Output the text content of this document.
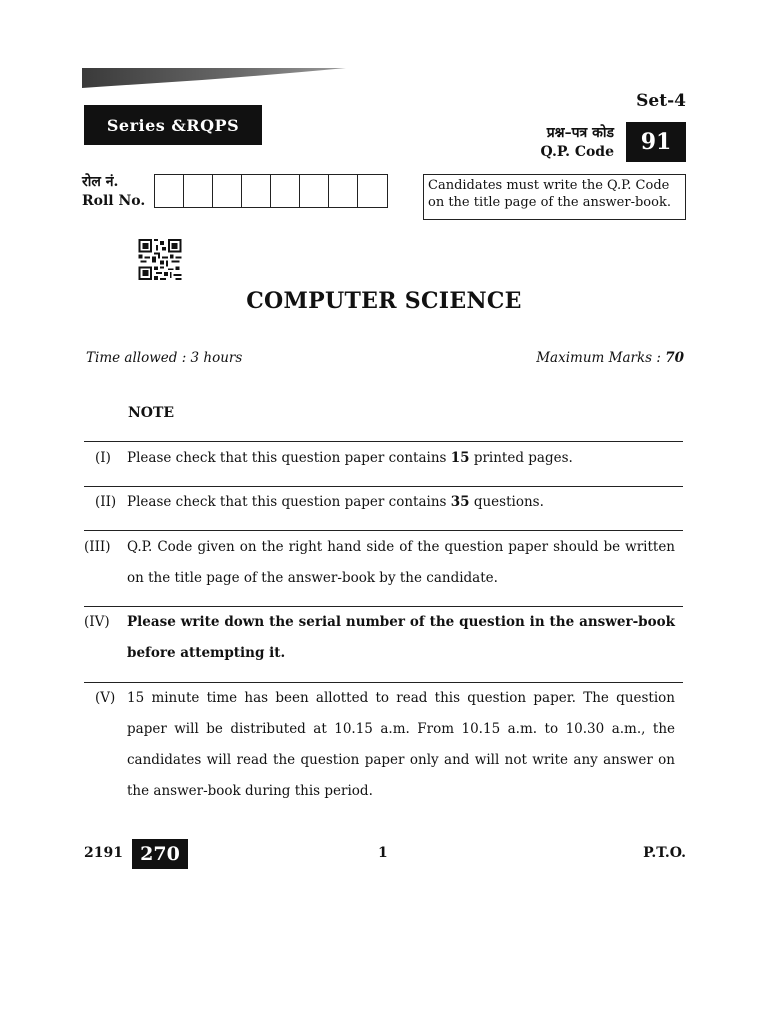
Set-4
Series &RQPS	प्रश्न–पत्र कोड
Q.P. Code	91
रोल नं.
Roll No.
Candidates must write the Q.P. Code on the title page of the answer-book.
COMPUTER SCIENCE
Time allowed : 3 hours	Maximum Marks : 70
NOTE
(I) Please check that this question paper contains 15 printed pages.
(II) Please check that this question paper contains 35 questions.
(III) Q.P. Code given on the right hand side of the question paper should be written on the title page of the answer-book by the candidate.
(IV) Please write down the serial number of the question in the answer-book before attempting it.
(V) 15 minute time has been allotted to read this question paper. The question paper will be distributed at 10.15 a.m. From 10.15 a.m. to 10.30 a.m., the candidates will read the question paper only and will not write any answer on the answer-book during this period.
2191 270	1	P.T.O.
